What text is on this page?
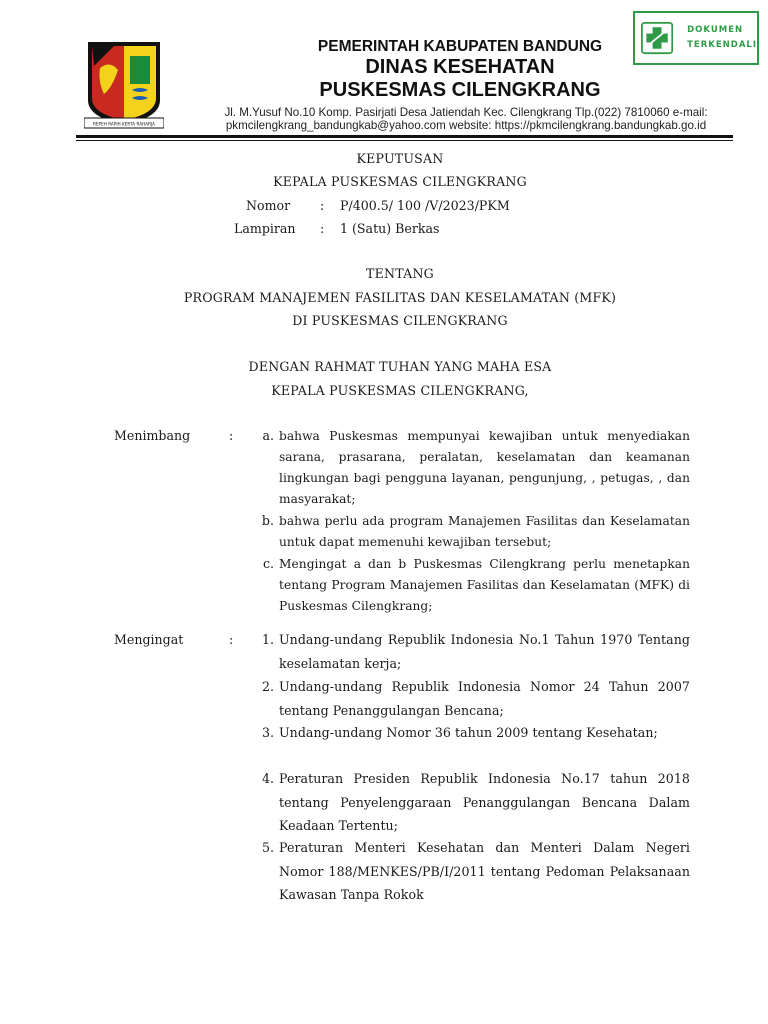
REPEH RAPIH KERTA RAHARJA
DOKUMEN
TERKENDALI
PEMERINTAH KABUPATEN BANDUNG
DINAS KESEHATAN
PUSKESMAS CILENGKRANG
Jl. M.Yusuf No.10 Komp. Pasirjati Desa Jatiendah Kec. Cilengkrang Tlp.(022) 7810060 e-mail:
pkmcilengkrang_bandungkab@yahoo.com website: https://pkmcilengkrang.bandungkab.go.id
KEPUTUSAN
KEPALA PUSKESMAS CILENGKRANG
Nomor : P/400.5/ 100 /V/2023/PKM
Lampiran : 1 (Satu) Berkas
TENTANG
PROGRAM MANAJEMEN FASILITAS DAN KESELAMATAN (MFK)
DI PUSKESMAS CILENGKRANG
DENGAN RAHMAT TUHAN YANG MAHA ESA
KEPALA PUSKESMAS CILENGKRANG,
Menimbang	:	a. bahwa Puskesmas mempunyai kewajiban untuk menyediakan sarana, prasarana, peralatan, keselamatan dan keamanan lingkungan bagi pengguna layanan, pengunjung, , petugas, , dan masyarakat;
b. bahwa perlu ada program Manajemen Fasilitas dan Keselamatan untuk dapat memenuhi kewajiban tersebut;
c. Mengingat a dan b Puskesmas Cilengkrang perlu menetapkan tentang Program Manajemen Fasilitas dan Keselamatan (MFK) di Puskesmas Cilengkrang;
Mengingat	:	1. Undang-undang Republik Indonesia No.1 Tahun 1970 Tentang keselamatan kerja;
2. Undang-undang Republik Indonesia Nomor 24 Tahun 2007 tentang Penanggulangan Bencana;
3. Undang-undang Nomor 36 tahun 2009 tentang Kesehatan;
4. Peraturan Presiden Republik Indonesia No.17 tahun 2018 tentang Penyelenggaraan Penanggulangan Bencana Dalam Keadaan Tertentu;
5. Peraturan Menteri Kesehatan dan Menteri Dalam Negeri Nomor 188/MENKES/PB/I/2011 tentang Pedoman Pelaksanaan Kawasan Tanpa Rokok
